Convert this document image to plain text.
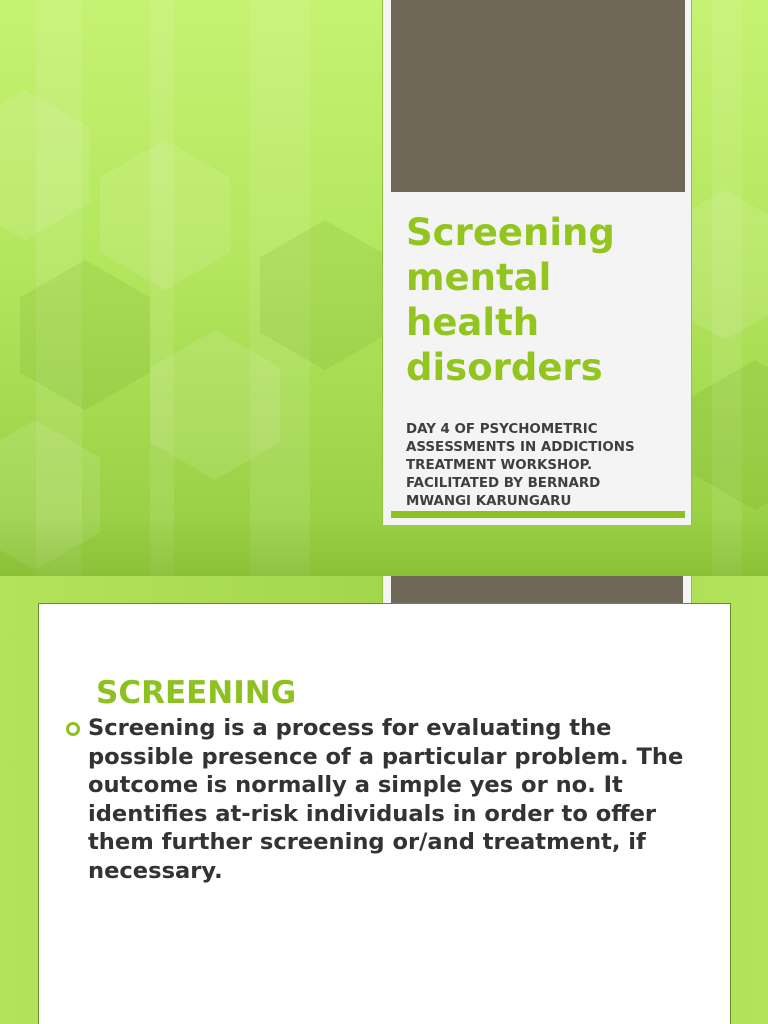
Screening
mental
health
disorders

DAY 4 OF PSYCHOMETRIC
ASSESSMENTS IN ADDICTIONS
TREATMENT WORKSHOP.
FACILITATED BY BERNARD
MWANGI KARUNGARU

SCREENING

Screening is a process for evaluating the possible presence of a particular problem. The outcome is normally a simple yes or no. It identifies at-risk individuals in order to offer them further screening or/and treatment, if necessary.
